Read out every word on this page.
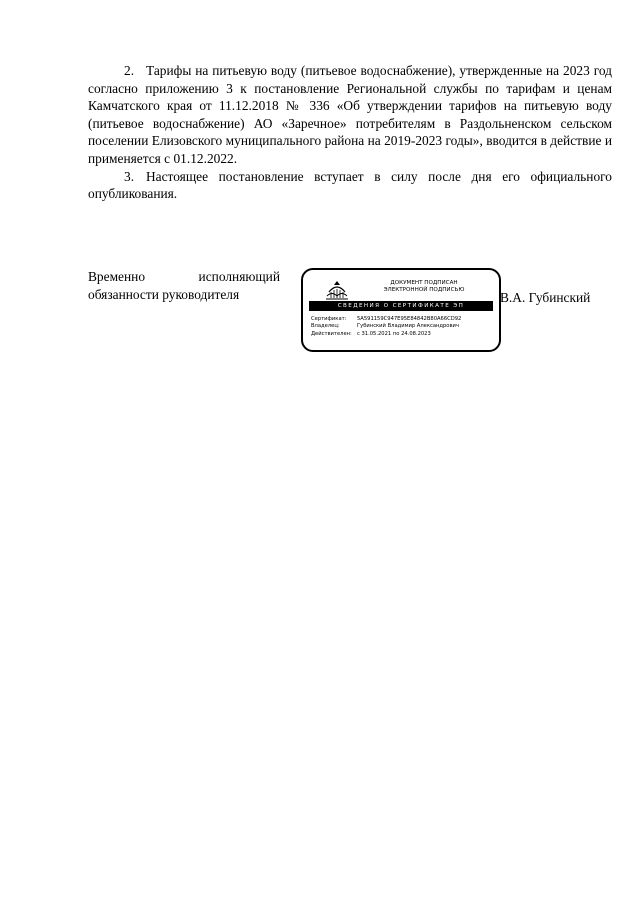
2. Тарифы на питьевую воду (питьевое водоснабжение), утвержденные на 2023 год согласно приложению 3 к постановление Региональной службы по тарифам и ценам Камчатского края от 11.12.2018 № 336 «Об утверждении тарифов на питьевую воду (питьевое водоснабжение) АО «Заречное» потребителям в Раздольненском сельском поселении Елизовского муниципального района на 2019-2023 годы», вводится в действие и применяется с 01.12.2022.

3. Настоящее постановление вступает в силу после дня его официального опубликования.

Временно	исполняющий
обязанности руководителя
ДОКУМЕНТ ПОДПИСАН
ЭЛЕКТРОННОЙ ПОДПИСЬЮ
СВЕДЕНИЯ О СЕРТИФИКАТЕ ЭП
Сертификат:	5A591159C947E95E84842B80A66CD92
Владелец:	Губинский Владимир Александрович
Действителен:	с 31.05.2021 по 24.08.2023
В.А. Губинский
